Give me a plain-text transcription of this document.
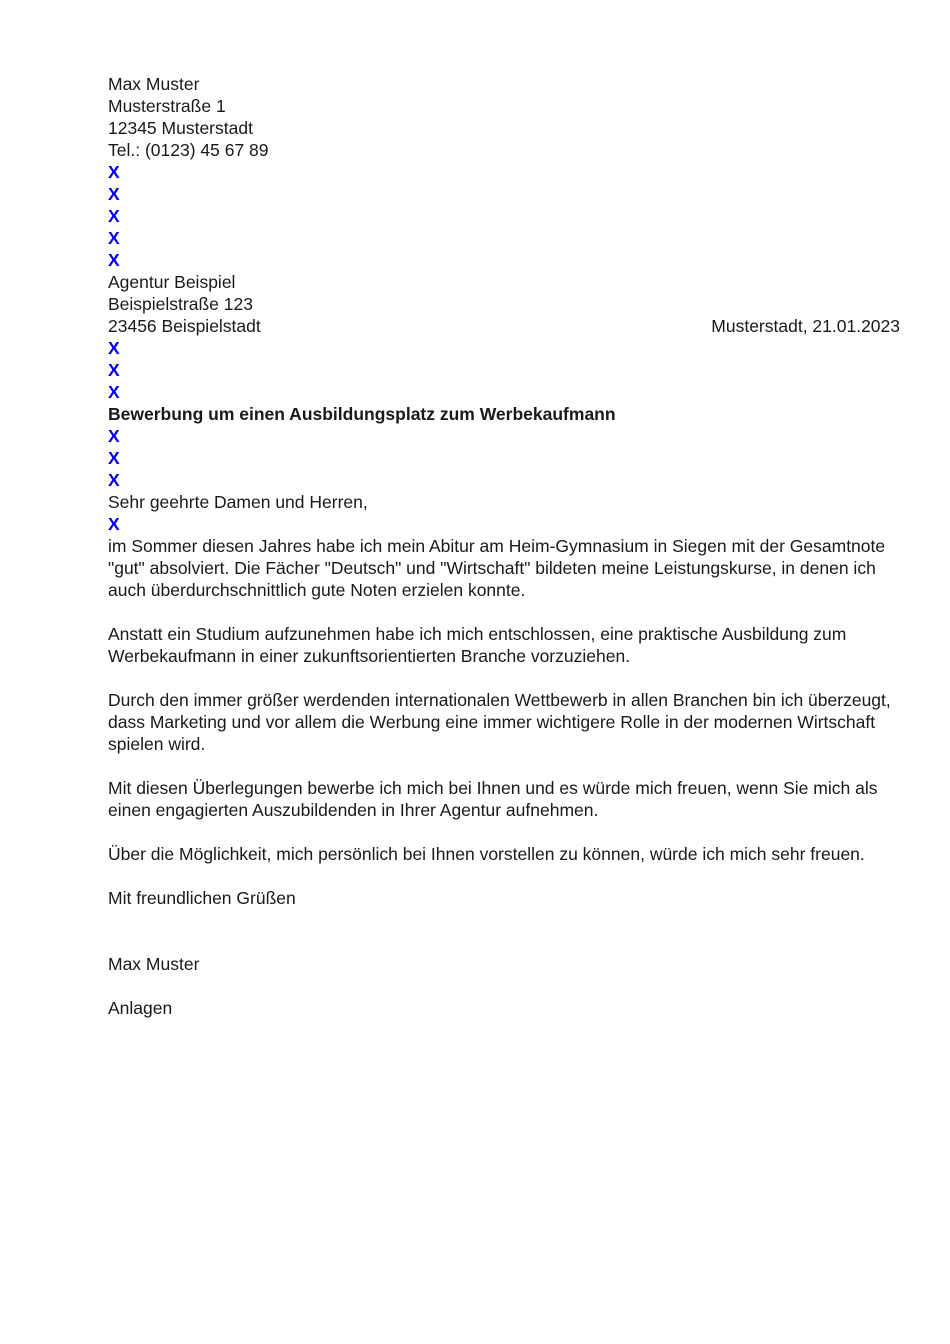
Max Muster
Musterstraße 1
12345 Musterstadt
Tel.: (0123) 45 67 89
X
X
X
X
X
Agentur Beispiel
Beispielstraße 123
23456 Beispielstadt	Musterstadt, 21.01.2023
X
X
X
Bewerbung um einen Ausbildungsplatz zum Werbekaufmann
X
X
X
Sehr geehrte Damen und Herren,
X

im Sommer diesen Jahres habe ich mein Abitur am Heim-Gymnasium in Siegen mit der Gesamtnote "gut" absolviert. Die Fächer "Deutsch" und "Wirtschaft" bildeten meine Leistungskurse, in denen ich auch überdurchschnittlich gute Noten erzielen konnte.

Anstatt ein Studium aufzunehmen habe ich mich entschlossen, eine praktische Ausbildung zum Werbekaufmann in einer zukunftsorientierten Branche vorzuziehen.

Durch den immer größer werdenden internationalen Wettbewerb in allen Branchen bin ich überzeugt, dass Marketing und vor allem die Werbung eine immer wichtigere Rolle in der modernen Wirtschaft spielen wird.

Mit diesen Überlegungen bewerbe ich mich bei Ihnen und es würde mich freuen, wenn Sie mich als einen engagierten Auszubildenden in Ihrer Agentur aufnehmen.

Über die Möglichkeit, mich persönlich bei Ihnen vorstellen zu können, würde ich mich sehr freuen.

Mit freundlichen Grüßen
Max Muster
Anlagen
